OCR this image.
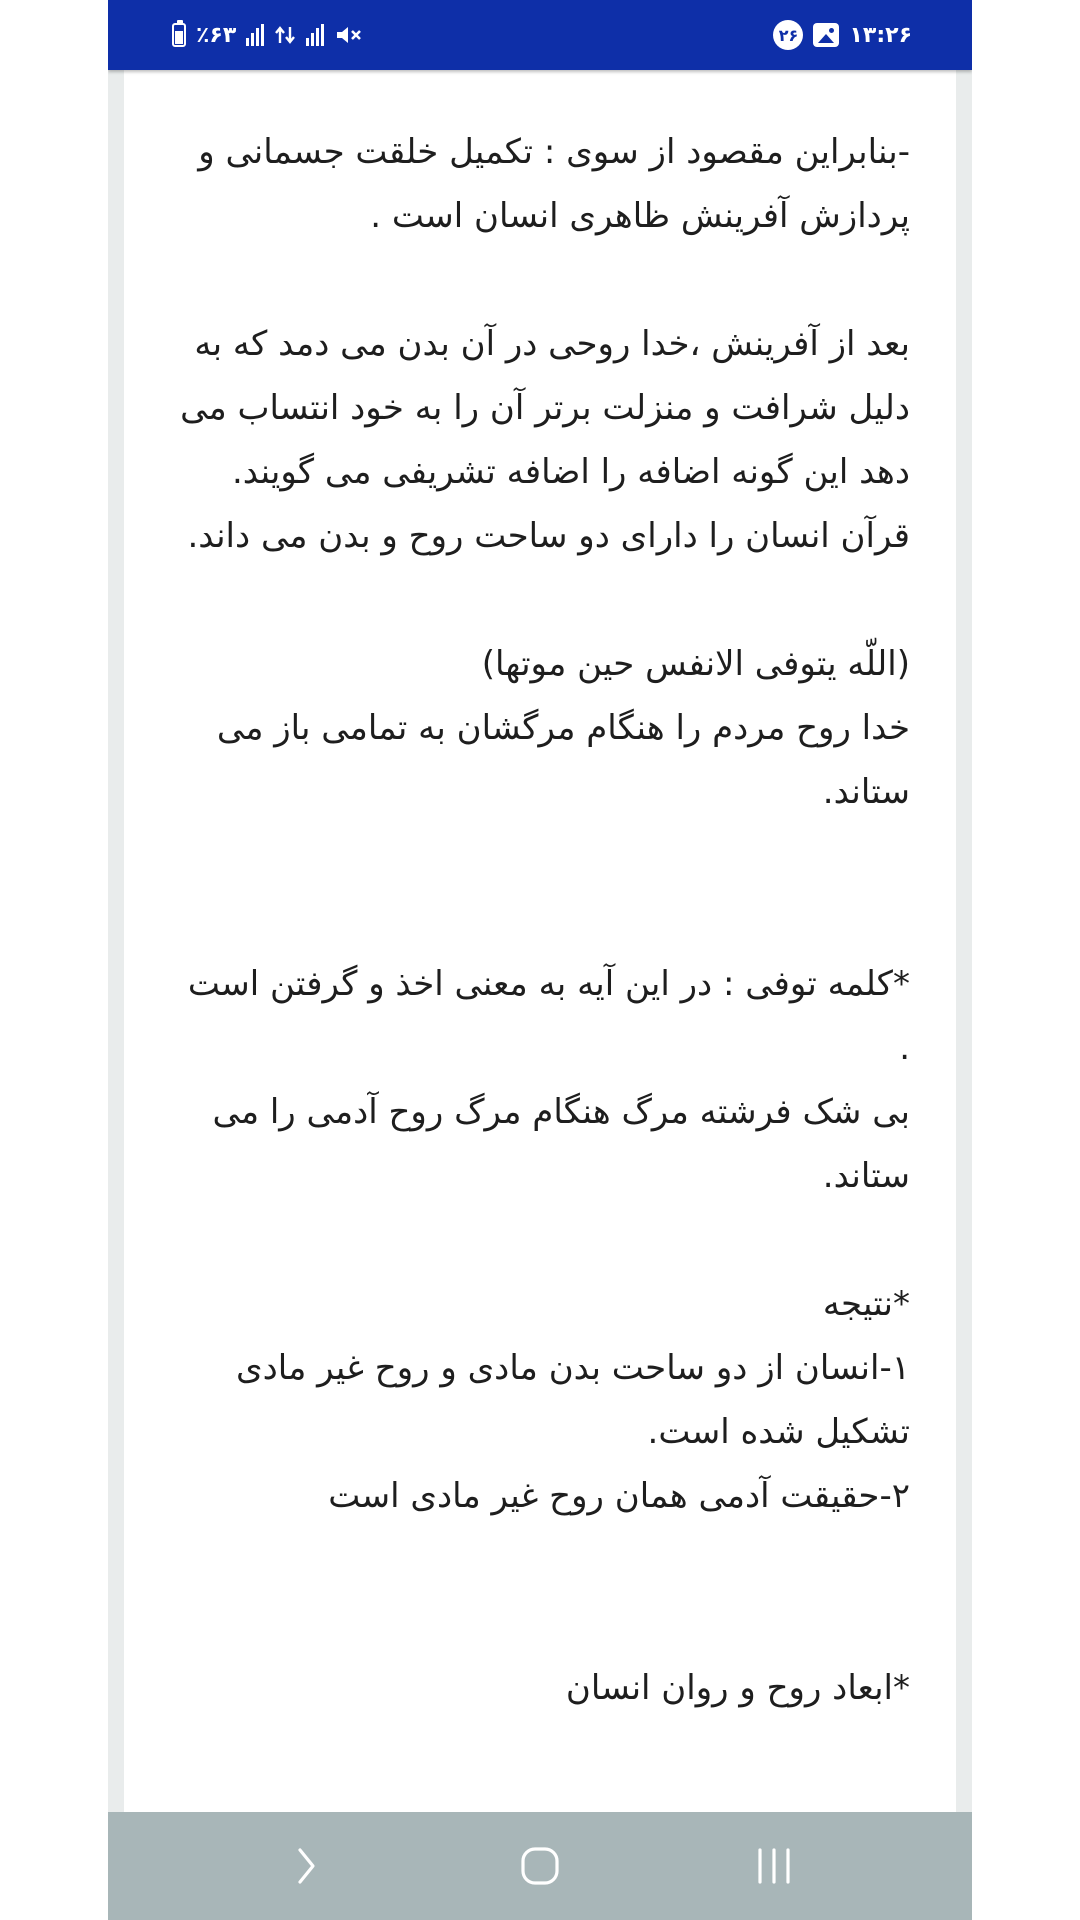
٪۶۳	۲۶ ۱۳:۲۶

-بنابراین مقصود از سوی : تکمیل خلقت جسمانی و پردازش آفرینش ظاهری انسان است .

بعد از آفرینش ،خدا روحی در آن بدن می دمد که به دلیل شرافت و منزلت برتر آن را به خود انتساب می دهد این گونه اضافه را اضافه تشریفی می گویند.

قرآن انسان را دارای دو ساحت روح و بدن می داند.

(اللّه یتوفی الانفس حین موتها)

خدا روح مردم را هنگام مرگشان به تمامی باز می ستاند.

*کلمه توفی : در این آیه به معنی اخذ و گرفتن است .

بی شک فرشته مرگ هنگام مرگ روح آدمی را می ستاند.

*نتیجه

۱-انسان از دو ساحت بدن مادی و روح غیر مادی تشکیل شده است.

۲-حقیقت آدمی همان روح غیر مادی است

*ابعاد روح و روان انسان
